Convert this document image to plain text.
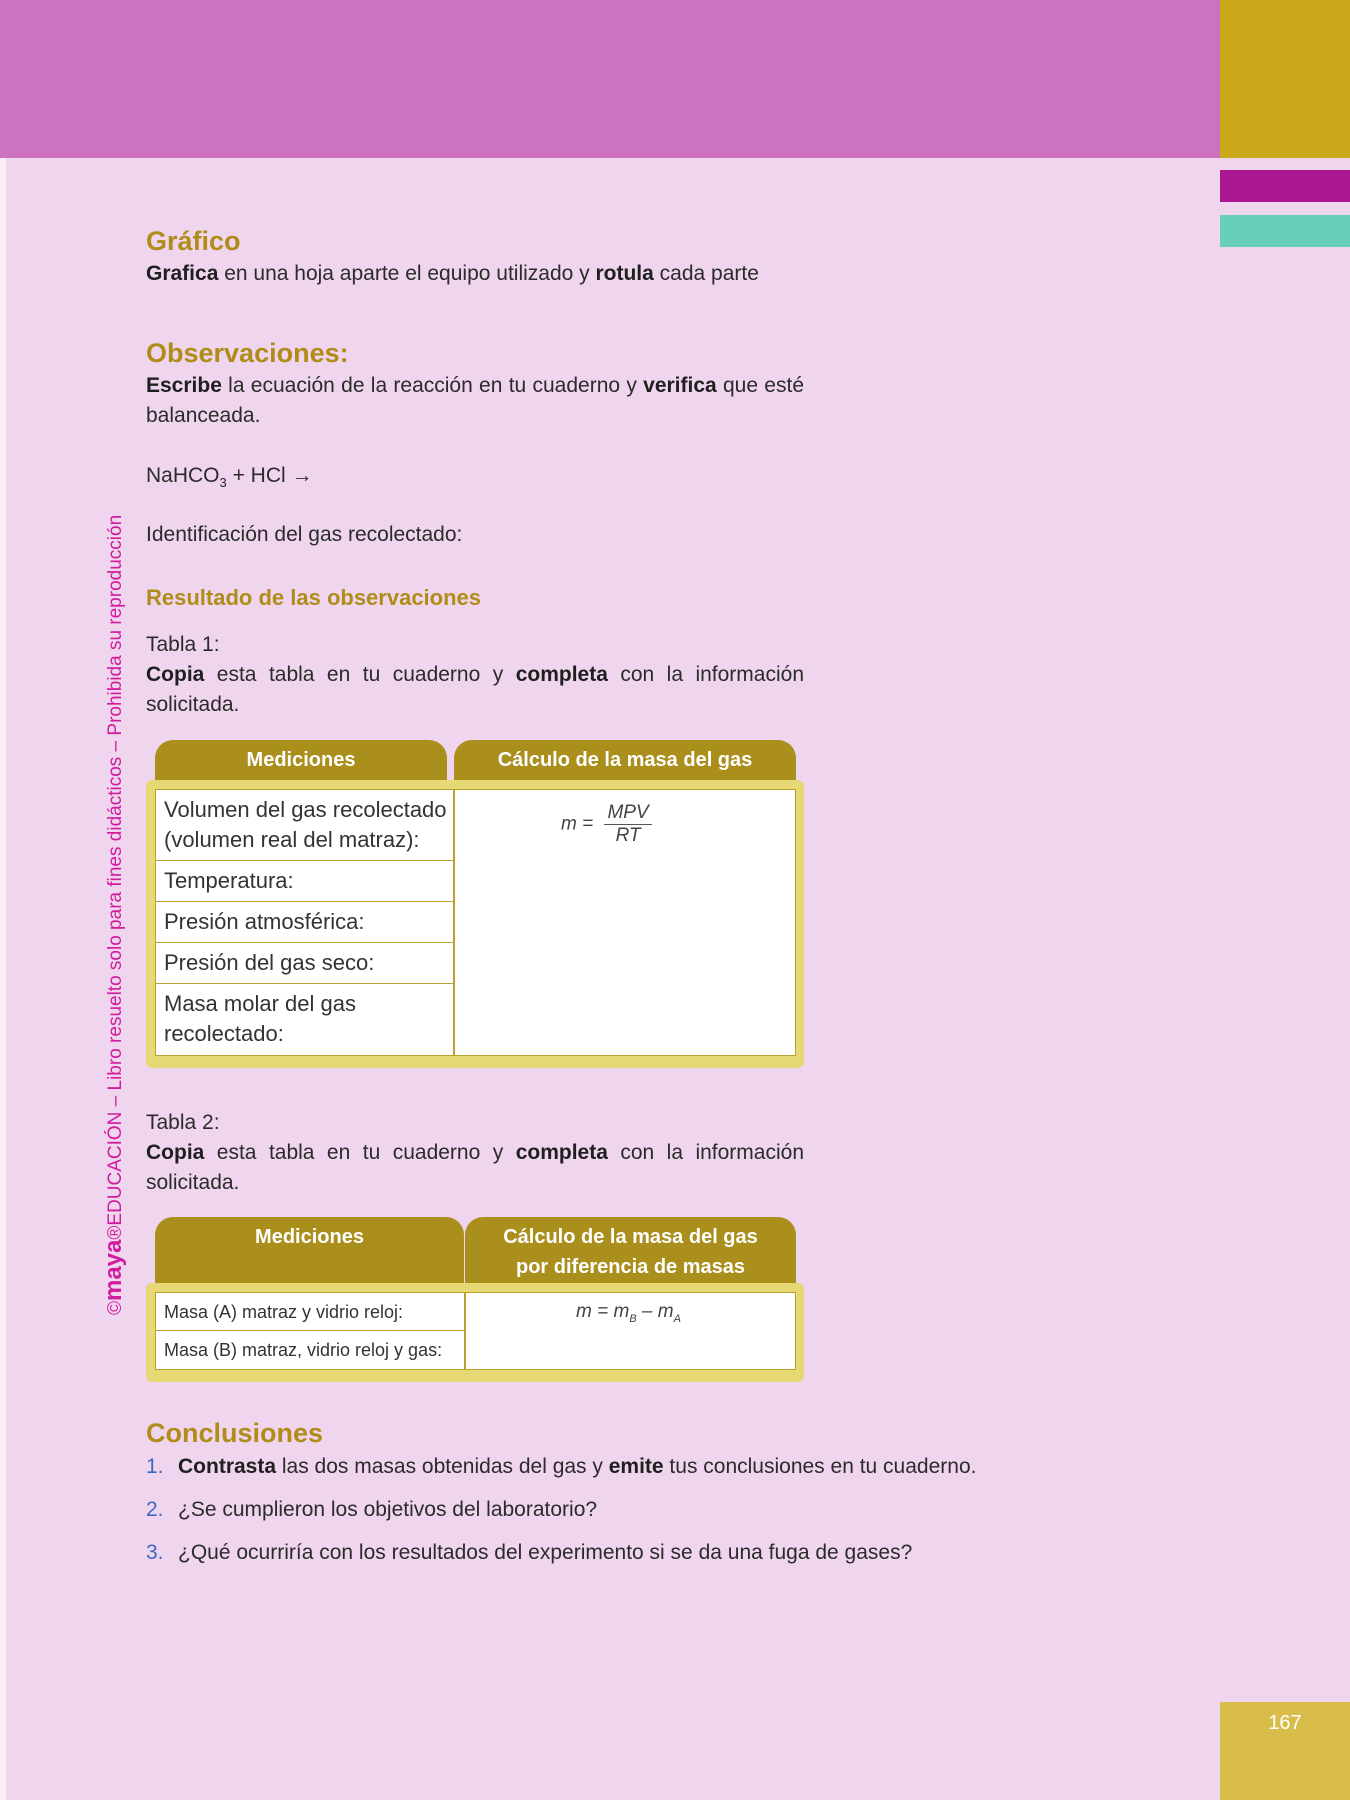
167
©maya®EDUCACIÓN – Libro resuelto solo para fines didácticos – Prohibida su reproducción
Gráfico

Grafica en una hoja aparte el equipo utilizado y rotula cada parte

Observaciones:

Escribe la ecuación de la reacción en tu cuaderno y verifica que esté balanceada.

NaHCO$_3$ + HCl →

Identificación del gas recolectado:

Resultado de las observaciones

Tabla 1:

Copia esta tabla en tu cuaderno y completa con la información solicitada.

Mediciones	Cálculo de la masa del gas
Volumen del gas recolectado (volumen real del matraz):
Temperatura:
Presión atmosférica:
Presión del gas seco:
Masa molar del gas recolectado:
$m = \frac{\text{MPV}}{RT}$

Tabla 2:

Copia esta tabla en tu cuaderno y completa con la información solicitada.

Mediciones	Cálculo de la masa del gas por diferencia de masas
Masa (A) matraz y vidrio reloj:
Masa (B) matraz, vidrio reloj y gas:
$m = m_B - m_A$
Conclusiones
1. Contrasta las dos masas obtenidas del gas y emite tus conclusiones en tu cuaderno.
2. ¿Se cumplieron los objetivos del laboratorio?
3. ¿Qué ocurriría con los resultados del experimento si se da una fuga de gases?
